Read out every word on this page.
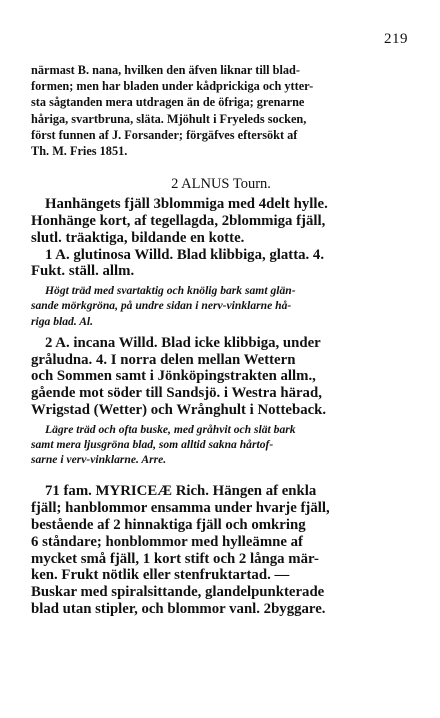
219

närmast B. nana, hvilken den äfven liknar till blad-
formen; men har bladen under kådprickiga och ytter-
sta sågtanden mera utdragen än de öfriga; grenarne
håriga, svartbruna, släta. Mjöhult i Fryeleds socken,
först funnen af J. Forsander; förgäfves eftersökt af
Th. M. Fries 1851.

2 ALNUS Tourn.

Hanhängets fjäll 3blommiga med 4delt hylle.
Honhänge kort, af tegellagda, 2blommiga fjäll,
slutl. träaktiga, bildande en kotte.

1 A. glutinosa Willd. Blad klibbiga, glatta. 4.
Fukt. ställ. allm.

Högt träd med svartaktig och knölig bark samt glän-
sande mörkgröna, på undre sidan i nerv-vinklarne hå-
riga blad. Al.

2 A. incana Willd. Blad icke klibbiga, under
gråludna. 4. I norra delen mellan Wettern
och Sommen samt i Jönköpingstrakten allm.,
gående mot söder till Sandsjö. i Westra härad,
Wrigstad (Wetter) och Wrånghult i Notteback.

Lägre träd och ofta buske, med gråhvit och slät bark
samt mera ljusgröna blad, som alltid sakna hårtof-
sarne i verv-vinklarne. Arre.

71 fam. MYRICEÆ Rich. Hängen af enkla
fjäll; hanblommor ensamma under hvarje fjäll,
bestående af 2 hinnaktiga fjäll och omkring
6 ståndare; honblommor med hylleämne af
mycket små fjäll, 1 kort stift och 2 långa mär-
ken. Frukt nötlik eller stenfruktartad. —
Buskar med spiralsittande, glandelpunkterade
blad utan stipler, och blommor vanl. 2byggare.
